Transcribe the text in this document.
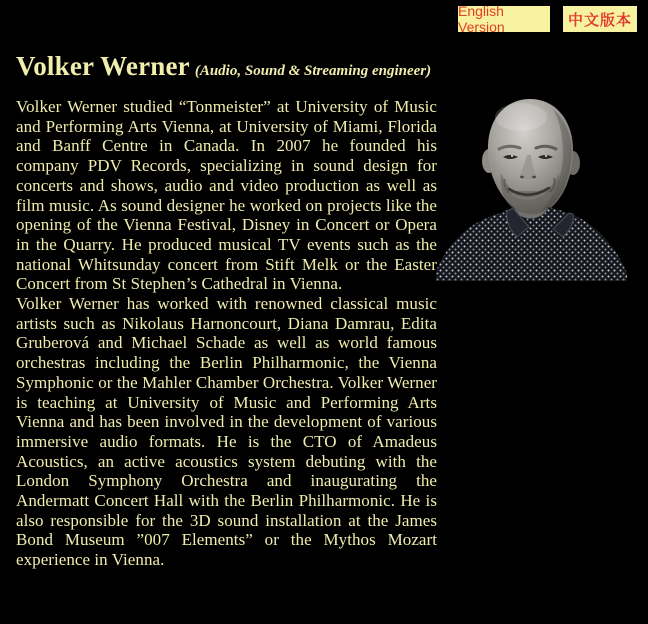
English Version	中文版本
Volker Werner (Audio, Sound & Streaming engineer)

Volker Werner studied “Tonmeister” at University of Music and Performing Arts Vienna, at University of Miami, Florida and Banff Centre in Canada. In 2007 he founded his company PDV Records, specializing in sound design for concerts and shows, audio and video production as well as film music. As sound designer he worked on projects like the opening of the Vienna Festival, Disney in Concert or Opera in the Quarry. He produced musical TV events such as the national Whitsunday concert from Stift Melk or the Easter Concert from St Stephen’s Cathedral in Vienna.

Volker Werner has worked with renowned classical music artists such as Nikolaus Harnoncourt, Diana Damrau, Edita Gruberová and Michael Schade as well as world famous orchestras including the Berlin Philharmonic, the Vienna Symphonic or the Mahler Chamber Orchestra. Volker Werner is teaching at University of Music and Performing Arts Vienna and has been involved in the development of various immersive audio formats. He is the CTO of Amadeus Acoustics, an active acoustics system debuting with the London Symphony Orchestra and inaugurating the Andermatt Concert Hall with the Berlin Philharmonic. He is also responsible for the 3D sound installation at the James Bond Museum ”007 Elements” or the Mythos Mozart experience in Vienna.
